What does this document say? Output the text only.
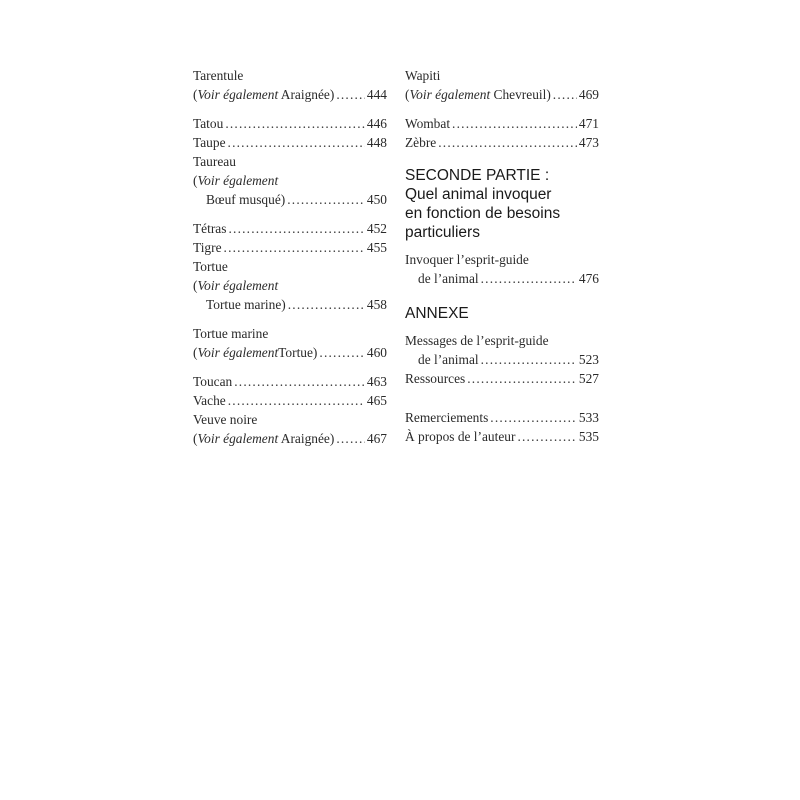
Tarentule
(Voir également Araignée) ..... 444
Tatou .....	446
Taupe .....	448
Taureau
(Voir également
Bœuf musqué) .....	450
Tétras .....	452
Tigre .....	455
Tortue
(Voir également
Tortue marine) .....	458
Tortue marine
(Voir égalementTortue) .....	460
Toucan .....	463
Vache .....	465
Veuve noire
(Voir également Araignée) ..... 467
Wapiti
(Voir également Chevreuil) ..... 469
Wombat .....	471
Zèbre .....	473
SECONDE PARTIE :
Quel animal invoquer
en fonction de besoins
particuliers
Invoquer l’esprit-guide
de l’animal .....	476
ANNEXE
Messages de l’esprit-guide
de l’animal .....	523
Ressources .....	527
Remerciements .....	533
À propos de l’auteur .....	535
